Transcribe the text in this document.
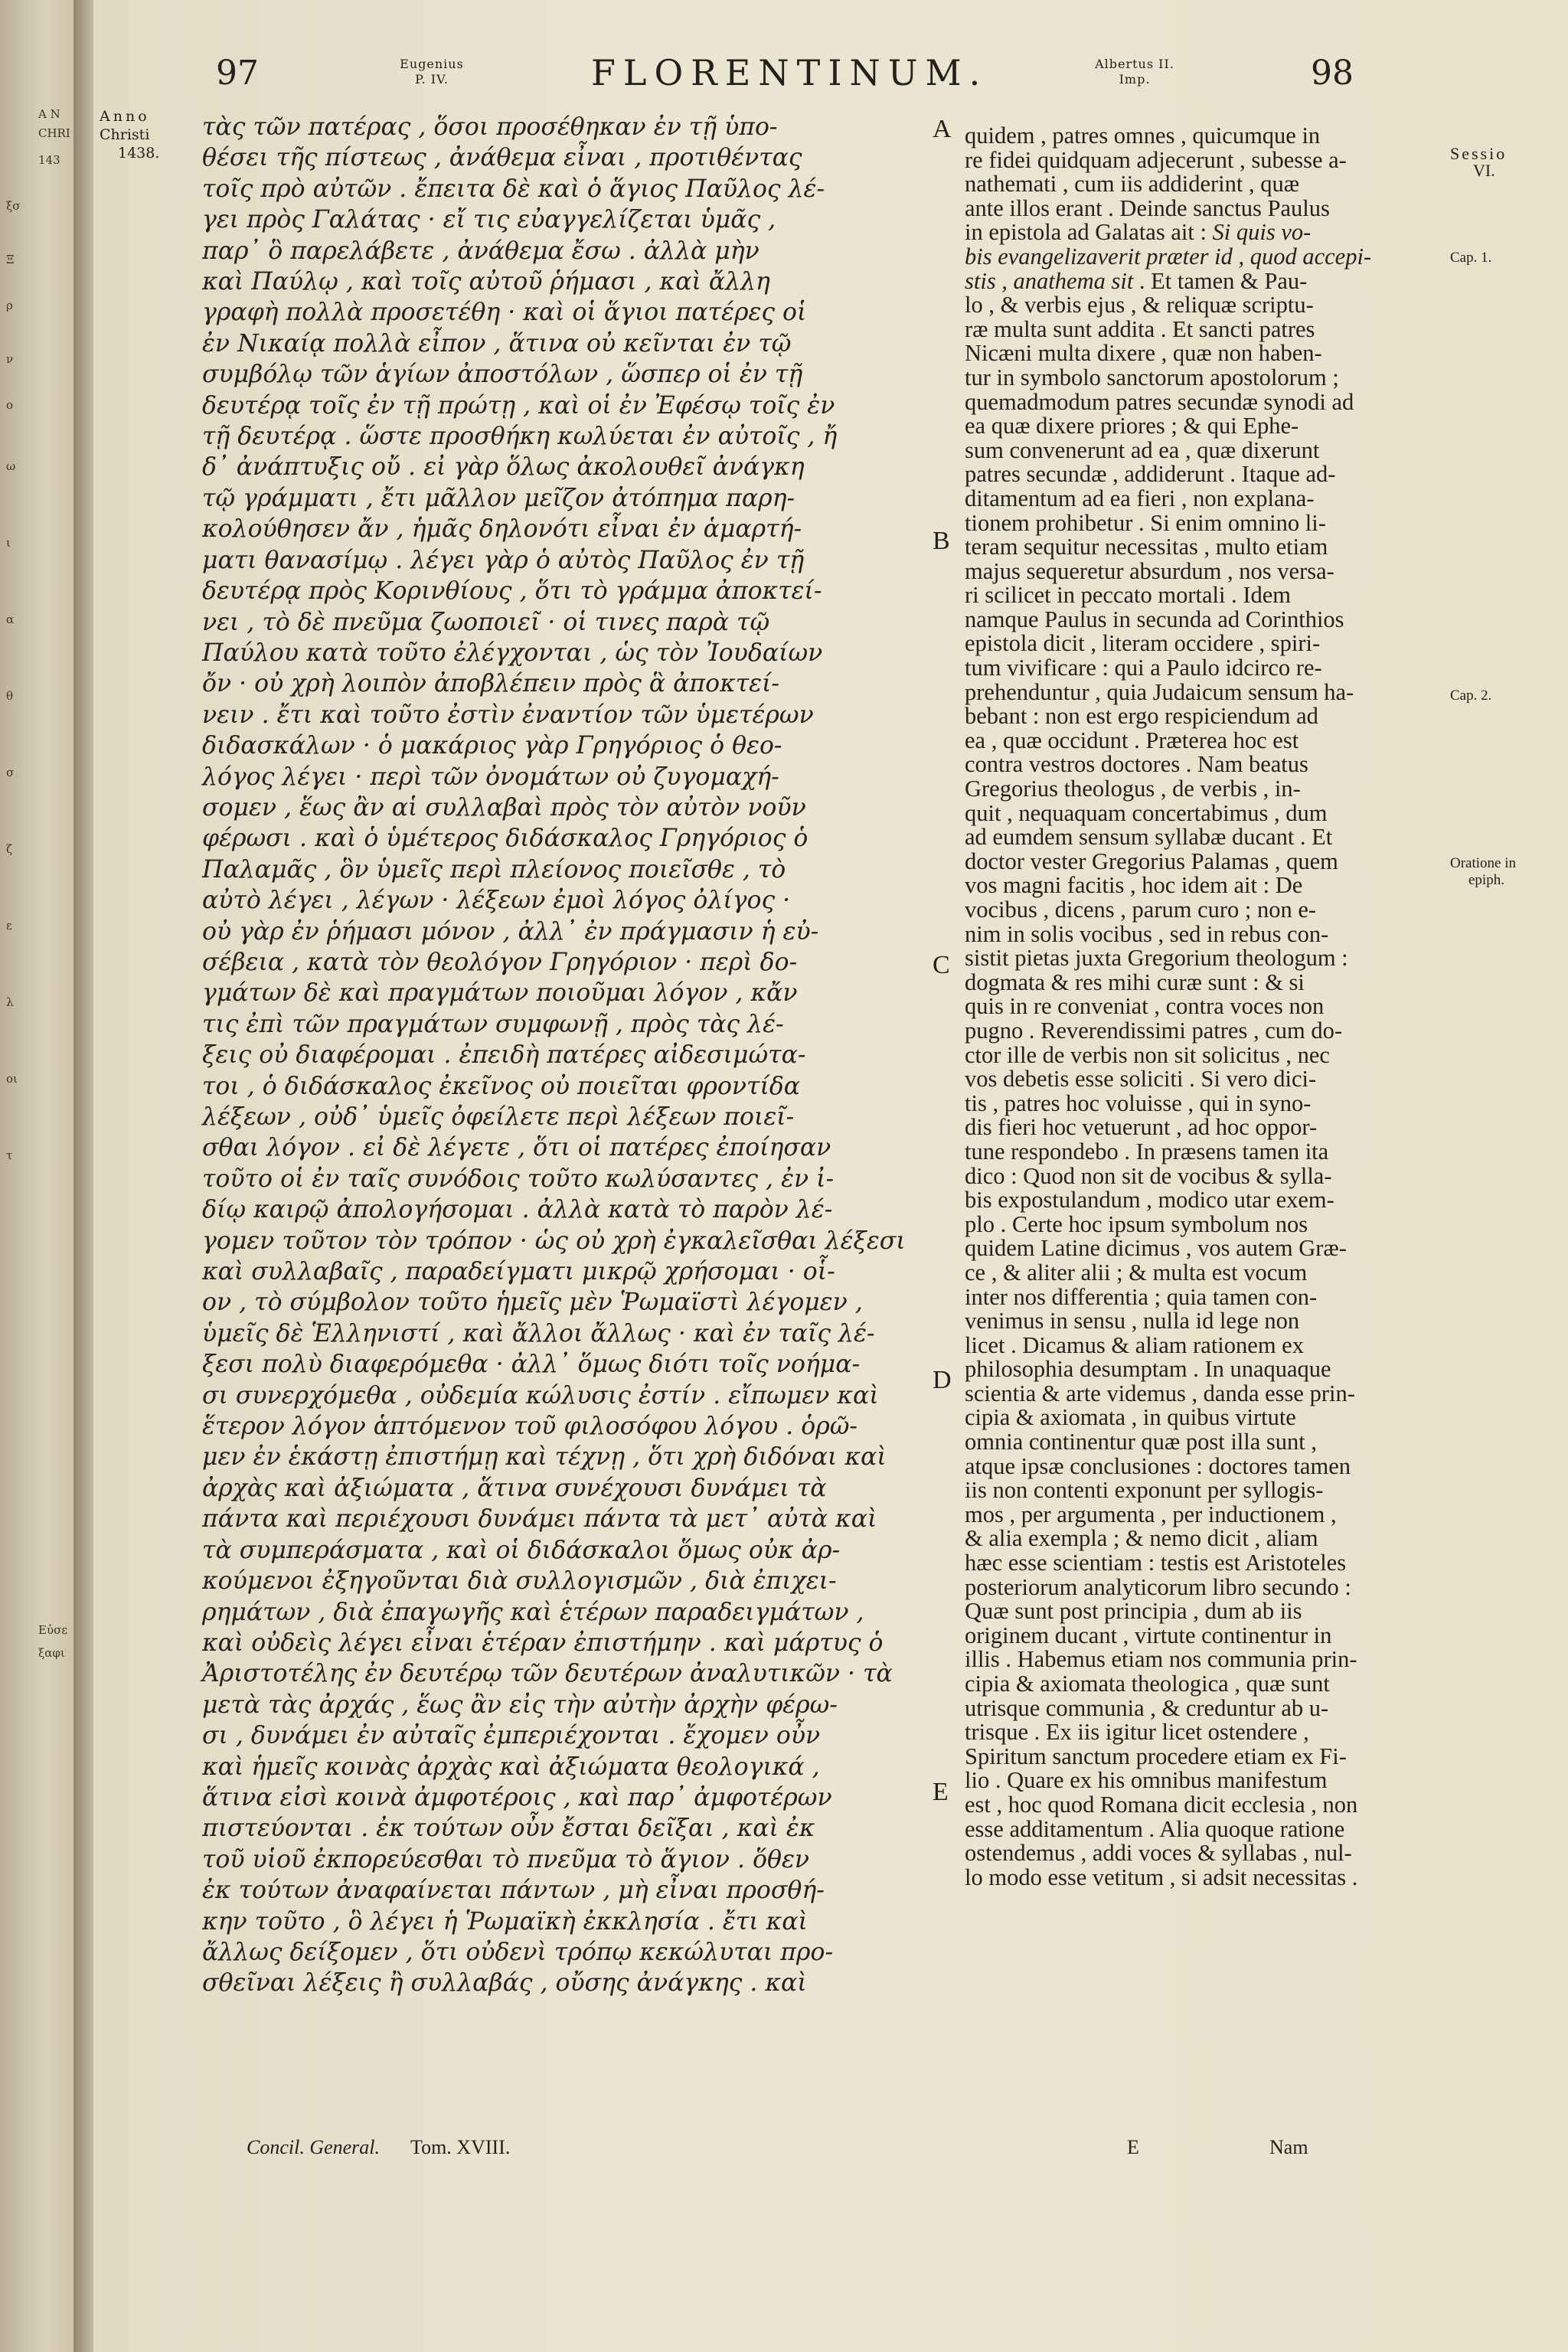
A N
CHRI
143
ξσ
Ξ
ρ
ν
ο
ω
ι
α
θ
σ
ζ
ε
λ
οι
τ
Εὐσε
ξαφι
97	Eugenius
P. IV.	FLORENTINUM.	Albertus II.
Imp.	98
Anno
Christi
1438.	Sessio
VI.
Cap. 1.
Cap. 2.
Oratione in
epiph.
A
B
C
D
E
τὰς τῶν πατέρας , ὅσοι προσέθηκαν ἐν τῇ ὑπο-
θέσει τῆς πίστεως , ἀνάθεμα εἶναι , προτιθέντας
τοῖς πρὸ αὐτῶν . ἔπειτα δὲ καὶ ὁ ἅγιος Παῦλος λέ-
γει πρὸς Γαλάτας · εἴ τις εὐαγγελίζεται ὑμᾶς ,
παρ᾽ ὃ παρελάβετε , ἀνάθεμα ἔσω . ἀλλὰ μὴν
καὶ Παύλῳ , καὶ τοῖς αὐτοῦ ῥήμασι , καὶ ἄλλη
γραφὴ πολλὰ προσετέθη · καὶ οἱ ἅγιοι πατέρες οἱ
ἐν Νικαίᾳ πολλὰ εἶπον , ἅτινα οὐ κεῖνται ἐν τῷ
συμβόλῳ τῶν ἁγίων ἀποστόλων , ὥσπερ οἱ ἐν τῇ
δευτέρᾳ τοῖς ἐν τῇ πρώτῃ , καὶ οἱ ἐν Ἐφέσῳ τοῖς ἐν
τῇ δευτέρᾳ . ὥστε προσθήκη κωλύεται ἐν αὐτοῖς , ἤ
δ᾽ ἀνάπτυξις οὔ . εἰ γὰρ ὅλως ἀκολουθεῖ ἀνάγκη
τῷ γράμματι , ἔτι μᾶλλον μεῖζον ἀτόπημα παρη-
κολούθησεν ἄν , ἡμᾶς δηλονότι εἶναι ἐν ἁμαρτή-
ματι θανασίμῳ . λέγει γὰρ ὁ αὐτὸς Παῦλος ἐν τῇ
δευτέρᾳ πρὸς Κορινθίους , ὅτι τὸ γράμμα ἀποκτεί-
νει , τὸ δὲ πνεῦμα ζωοποιεῖ · οἱ τινες παρὰ τῷ
Παύλου κατὰ τοῦτο ἐλέγχονται , ὡς τὸν Ἰουδαίων
ὄν · οὐ χρὴ λοιπὸν ἀποβλέπειν πρὸς ἃ ἀποκτεί-
νειν . ἔτι καὶ τοῦτο ἐστὶν ἐναντίον τῶν ὑμετέρων
διδασκάλων · ὁ μακάριος γὰρ Γρηγόριος ὁ θεο-
λόγος λέγει · περὶ τῶν ὀνομάτων οὐ ζυγομαχή-
σομεν , ἕως ἂν αἱ συλλαβαὶ πρὸς τὸν αὐτὸν νοῦν
φέρωσι . καὶ ὁ ὑμέτερος διδάσκαλος Γρηγόριος ὁ
Παλαμᾶς , ὃν ὑμεῖς περὶ πλείονος ποιεῖσθε , τὸ
αὐτὸ λέγει , λέγων · λέξεων ἐμοὶ λόγος ὀλίγος ·
οὐ γὰρ ἐν ῥήμασι μόνον , ἀλλ᾽ ἐν πράγμασιν ἡ εὐ-
σέβεια , κατὰ τὸν θεολόγον Γρηγόριον · περὶ δο-
γμάτων δὲ καὶ πραγμάτων ποιοῦμαι λόγον , κἄν
τις ἐπὶ τῶν πραγμάτων συμφωνῇ , πρὸς τὰς λέ-
ξεις οὐ διαφέρομαι . ἐπειδὴ πατέρες αἰδεσιμώτα-
τοι , ὁ διδάσκαλος ἐκεῖνος οὐ ποιεῖται φροντίδα
λέξεων , οὐδ᾽ ὑμεῖς ὀφείλετε περὶ λέξεων ποιεῖ-
σθαι λόγον . εἰ δὲ λέγετε , ὅτι οἱ πατέρες ἐποίησαν
τοῦτο οἱ ἐν ταῖς συνόδοις τοῦτο κωλύσαντες , ἐν ἰ-
δίῳ καιρῷ ἀπολογήσομαι . ἀλλὰ κατὰ τὸ παρὸν λέ-
γομεν τοῦτον τὸν τρόπον · ὡς οὐ χρὴ ἐγκαλεῖσθαι λέξεσι
καὶ συλλαβαῖς , παραδείγματι μικρῷ χρήσομαι · οἷ-
ον , τὸ σύμβολον τοῦτο ἡμεῖς μὲν Ῥωμαϊστὶ λέγομεν ,
ὑμεῖς δὲ Ἑλληνιστί , καὶ ἄλλοι ἄλλως · καὶ ἐν ταῖς λέ-
ξεσι πολὺ διαφερόμεθα · ἀλλ᾽ ὅμως διότι τοῖς νοήμα-
σι συνερχόμεθα , οὐδεμία κώλυσις ἐστίν . εἴπωμεν καὶ
ἕτερον λόγον ἁπτόμενον τοῦ φιλοσόφου λόγου . ὁρῶ-
μεν ἐν ἑκάστῃ ἐπιστήμῃ καὶ τέχνῃ , ὅτι χρὴ διδόναι καὶ
ἀρχὰς καὶ ἀξιώματα , ἅτινα συνέχουσι δυνάμει τὰ
πάντα καὶ περιέχουσι δυνάμει πάντα τὰ μετ᾽ αὐτὰ καὶ
τὰ συμπεράσματα , καὶ οἱ διδάσκαλοι ὅμως οὐκ ἀρ-
κούμενοι ἐξηγοῦνται διὰ συλλογισμῶν , διὰ ἐπιχει-
ρημάτων , διὰ ἐπαγωγῆς καὶ ἑτέρων παραδειγμάτων ,
καὶ οὐδεὶς λέγει εἶναι ἑτέραν ἐπιστήμην . καὶ μάρτυς ὁ
Ἀριστοτέλης ἐν δευτέρῳ τῶν δευτέρων ἀναλυτικῶν · τὰ
μετὰ τὰς ἀρχάς , ἕως ἂν εἰς τὴν αὐτὴν ἀρχὴν φέρω-
σι , δυνάμει ἐν αὐταῖς ἐμπεριέχονται . ἔχομεν οὖν
καὶ ἡμεῖς κοινὰς ἀρχὰς καὶ ἀξιώματα θεολογικά ,
ἅτινα εἰσὶ κοινὰ ἀμφοτέροις , καὶ παρ᾽ ἀμφοτέρων
πιστεύονται . ἐκ τούτων οὖν ἔσται δεῖξαι , καὶ ἐκ
τοῦ υἱοῦ ἐκπορεύεσθαι τὸ πνεῦμα τὸ ἅγιον . ὅθεν
ἐκ τούτων ἀναφαίνεται πάντων , μὴ εἶναι προσθή-
κην τοῦτο , ὃ λέγει ἡ Ῥωμαϊκὴ ἐκκλησία . ἔτι καὶ
ἄλλως δείξομεν , ὅτι οὐδενὶ τρόπῳ κεκώλυται προ-
σθεῖναι λέξεις ἢ συλλαβάς , οὔσης ἀνάγκης . καὶ
quidem , patres omnes , quicumque in
re fidei quidquam adjecerunt , subesse a-
nathemati , cum iis addiderint , quæ
ante illos erant . Deinde sanctus Paulus
in epistola ad Galatas ait : Si quis vo-
bis evangelizaverit præter id , quod accepi-
stis , anathema sit . Et tamen & Pau-
lo , & verbis ejus , & reliquæ scriptu-
ræ multa sunt addita . Et sancti patres
Nicæni multa dixere , quæ non haben-
tur in symbolo sanctorum apostolorum ;
quemadmodum patres secundæ synodi ad
ea quæ dixere priores ; & qui Ephe-
sum convenerunt ad ea , quæ dixerunt
patres secundæ , addiderunt . Itaque ad-
ditamentum ad ea fieri , non explana-
tionem prohibetur . Si enim omnino li-
teram sequitur necessitas , multo etiam
majus sequeretur absurdum , nos versa-
ri scilicet in peccato mortali . Idem
namque Paulus in secunda ad Corinthios
epistola dicit , literam occidere , spiri-
tum vivificare : qui a Paulo idcirco re-
prehenduntur , quia Judaicum sensum ha-
bebant : non est ergo respiciendum ad
ea , quæ occidunt . Præterea hoc est
contra vestros doctores . Nam beatus
Gregorius theologus , de verbis , in-
quit , nequaquam concertabimus , dum
ad eumdem sensum syllabæ ducant . Et
doctor vester Gregorius Palamas , quem
vos magni facitis , hoc idem ait : De
vocibus , dicens , parum curo ; non e-
nim in solis vocibus , sed in rebus con-
sistit pietas juxta Gregorium theologum :
dogmata & res mihi curæ sunt : & si
quis in re conveniat , contra voces non
pugno . Reverendissimi patres , cum do-
ctor ille de verbis non sit solicitus , nec
vos debetis esse soliciti . Si vero dici-
tis , patres hoc voluisse , qui in syno-
dis fieri hoc vetuerunt , ad hoc oppor-
tune respondebo . In præsens tamen ita
dico : Quod non sit de vocibus & sylla-
bis expostulandum , modico utar exem-
plo . Certe hoc ipsum symbolum nos
quidem Latine dicimus , vos autem Græ-
ce , & aliter alii ; & multa est vocum
inter nos differentia ; quia tamen con-
venimus in sensu , nulla id lege non
licet . Dicamus & aliam rationem ex
philosophia desumptam . In unaquaque
scientia & arte videmus , danda esse prin-
cipia & axiomata , in quibus virtute
omnia continentur quæ post illa sunt ,
atque ipsæ conclusiones : doctores tamen
iis non contenti exponunt per syllogis-
mos , per argumenta , per inductionem ,
& alia exempla ; & nemo dicit , aliam
hæc esse scientiam : testis est Aristoteles
posteriorum analyticorum libro secundo :
Quæ sunt post principia , dum ab iis
originem ducant , virtute continentur in
illis . Habemus etiam nos communia prin-
cipia & axiomata theologica , quæ sunt
utrisque communia , & creduntur ab u-
trisque . Ex iis igitur licet ostendere ,
Spiritum sanctum procedere etiam ex Fi-
lio . Quare ex his omnibus manifestum
est , hoc quod Romana dicit ecclesia , non
esse additamentum . Alia quoque ratione
ostendemus , addi voces & syllabas , nul-
lo modo esse vetitum , si adsit necessitas .
Concil. General. Tom. XVIII.	E	Nam
